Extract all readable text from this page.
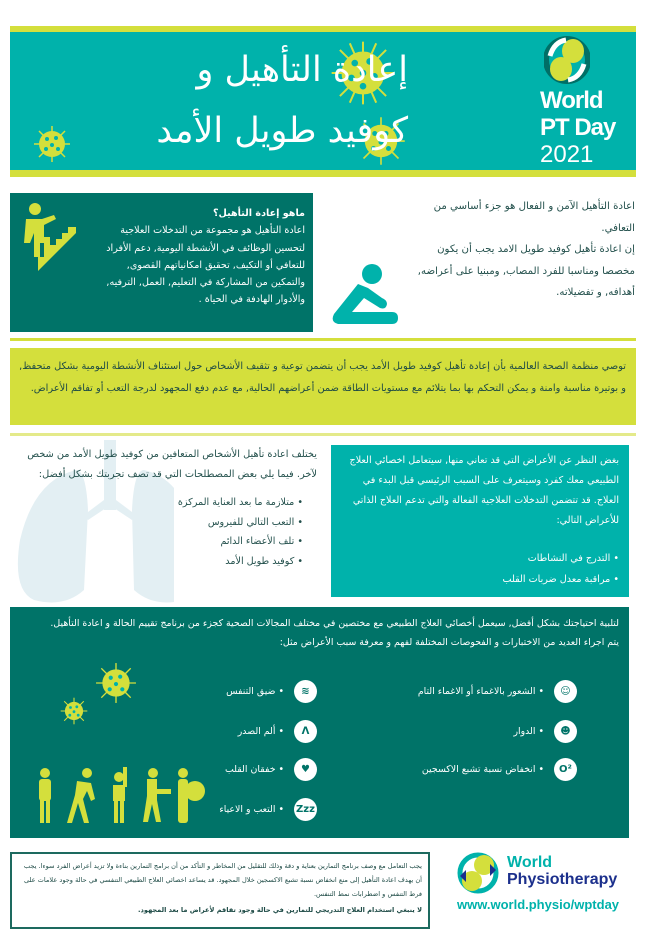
إعادة التأهيل و
كوفيد طويل الأمد
World
PT Day
2021
ماهو إعادة التأهيل؟
اعادة التأهيل هو مجموعة من التدخلات العلاجية لتحسين الوظائف في الأنشطة اليومية, دعم الأفراد للتعافي أو التكيف, تحقيق امكانياتهم القصوى, والتمكين من المشاركة في التعليم, العمل, الترفيه, والأدوار الهادفة في الحياة .
اعادة التأهيل الآمن و الفعال هو جزء أساسي من التعافي.
إن اعادة تأهيل كوفيد طويل الامد يجب أن يكون مخصصا ومناسبا للفرد المصاب, ومبنيا على أعراضه, أهدافه, و تفضيلاته.
توصي منظمة الصحة العالمية بأن إعادة تأهيل كوفيد طويل الأمد يجب أن يتضمن توعية و تثقيف الأشخاص حول استئناف الأنشطة اليومية بشكل متحفظ, و بوتيرة مناسبة وامنة و يمكن التحكم بها بما يتلائم مع مستويات الطاقة ضمن أعراضهم الحالية, مع عدم دفع المجهود لدرجة التعب أو تفاقم الأعراض.
يختلف اعادة تأهيل الأشخاص المتعافين من كوفيد طويل الأمد من شخص لآخر. فيما يلي بعض المصطلحات التي قد تصف تجربتك بشكل أفضل:
• متلازمة ما بعد العناية المركزة
• التعب التالي للفيروس
• تلف الأعضاء الدائم
• كوفيد طويل الأمد
بغض النظر عن الأعراض التي قد تعاني منها, سيتعامل اخصائي العلاج الطبيعي معك كفرد وسيتعرف على السبب الرئيسي قبل البدء في العلاج. قد تتضمن التدخلات العلاجية الفعالة والتي تدعم العلاج الذاتي للأعراض التالي:
• التدرج في النشاطات
• مراقبة معدل ضربات القلب
لتلبية احتياجتك بشكل أفضل, سيعمل أخصائي العلاج الطبيعي مع مختصين في مختلف المجالات الصحية كجزء من برنامج تقييم الحالة و اعادة التأهيل.
يتم اجراء العديد من الاختبارات و الفحوصات المختلفة لفهم و معرفة سبب الأعراض مثل:
☺
• الشعور بالاغماء أو الاغماء التام
☻
• الدوار
O²
• انخفاض نسبة تشبع الاكسجين
≋
• ضيق التنفس
ᐱ
• ألم الصدر
♥
• خفقان القلب
Zzz
• التعب و الاعياء
يجب التعامل مع وصف برنامج التمارين بعناية و دقة وذلك للتقليل من المخاطر و التأكد من أن برامج التمارين بناءة ولا تزيد أعراض الفرد سوءا. يجب أن يهدف اعادة التأهيل إلى منع انخفاض نسبة تشبع الاكسجين خلال المجهود. قد يساعد اخصائي العلاج الطبيعي التنفسي في حالة وجود علامات على فرط التنفس و اضطرابات نمط التنفس.
لا ينبغي استخدام العلاج التدريجي للتمارين في حالة وجود تفاقم لأعراض ما بعد المجهود.
World
Physiotherapy
www.world.physio/wptday
